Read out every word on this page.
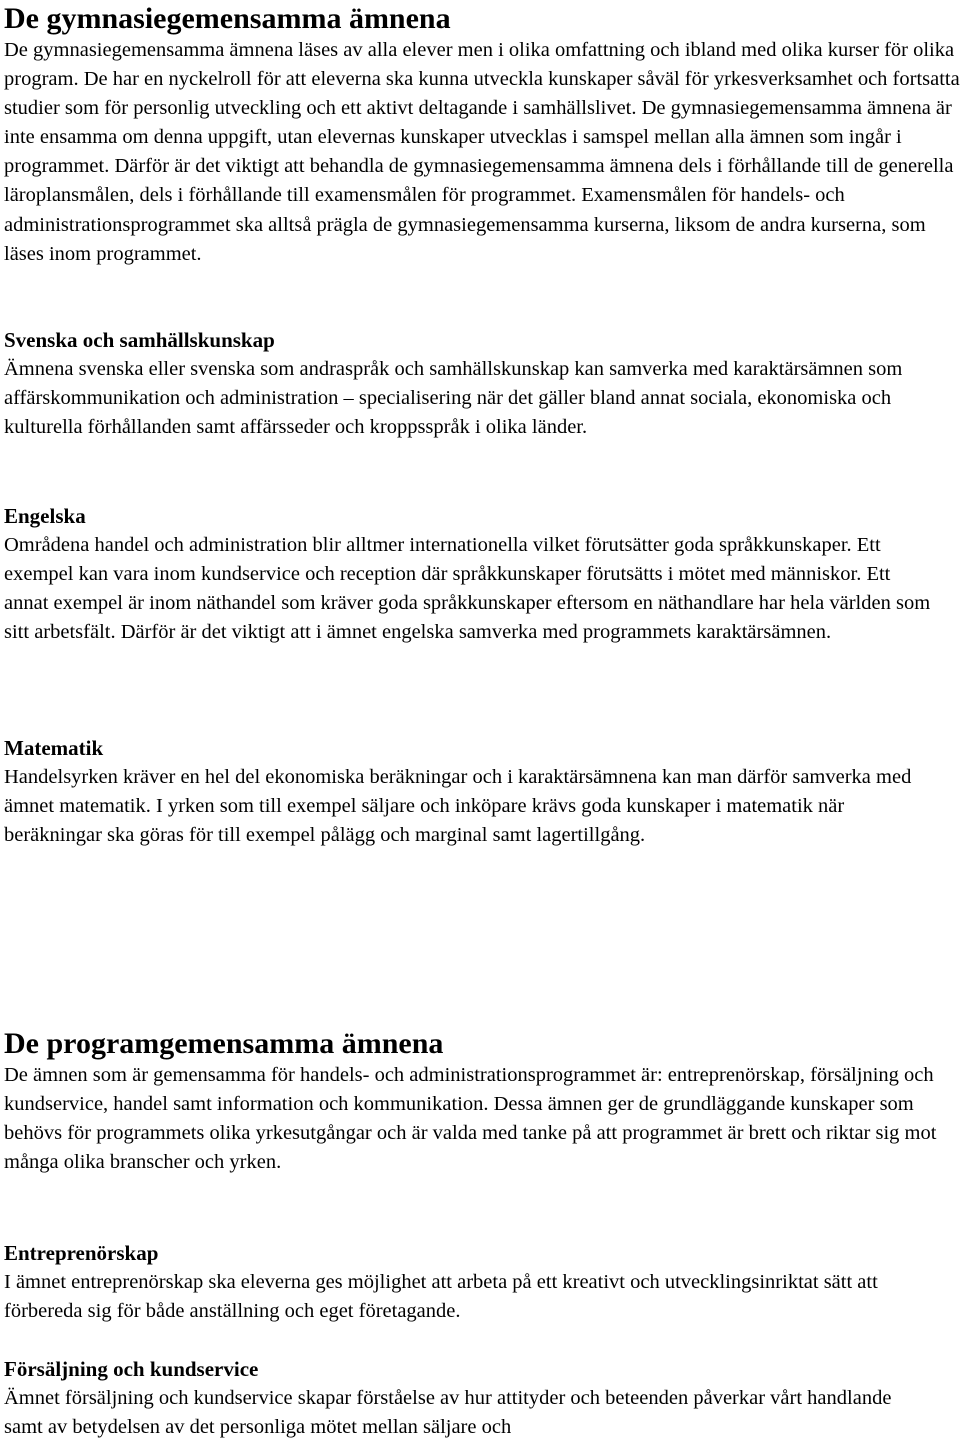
De gymnasiegemensamma ämnena

De gymnasiegemensamma ämnena läses av alla elever men i olika omfattning och ibland med olika kurser för olika program. De har en nyckelroll för att eleverna ska kunna utveckla kunskaper såväl för yrkesverksamhet och fortsatta studier som för personlig utveckling och ett aktivt deltagande i samhällslivet. De gymnasiegemensamma ämnena är inte ensamma om denna uppgift, utan elevernas kunskaper utvecklas i samspel mellan alla ämnen som ingår i programmet. Därför är det viktigt att behandla de gymnasiegemensamma ämnena dels i förhållande till de generella läroplansmålen, dels i förhållande till examensmålen för programmet. Examensmålen för handels- och administrationsprogrammet ska alltså prägla de gymnasiegemensamma kurserna, liksom de andra kurserna, som läses inom programmet.

Svenska och samhällskunskap

Ämnena svenska eller svenska som andraspråk och samhällskunskap kan samverka med karaktärsämnen som affärskommunikation och administration – specialisering när det gäller bland annat sociala, ekonomiska och kulturella förhållanden samt affärsseder och kroppsspråk i olika länder.

Engelska

Områdena handel och administration blir alltmer internationella vilket förutsätter goda språkkunskaper. Ett exempel kan vara inom kundservice och reception där språkkunskaper förutsätts i mötet med människor. Ett annat exempel är inom näthandel som kräver goda språkkunskaper eftersom en näthandlare har hela världen som sitt arbetsfält. Därför är det viktigt att i ämnet engelska samverka med programmets karaktärsämnen.

Matematik

Handelsyrken kräver en hel del ekonomiska beräkningar och i karaktärsämnena kan man därför samverka med ämnet matematik. I yrken som till exempel säljare och inköpare krävs goda kunskaper i matematik när beräkningar ska göras för till exempel pålägg och marginal samt lagertillgång.

De programgemensamma ämnena

De ämnen som är gemensamma för handels- och administrationsprogrammet är: entreprenörskap, försäljning och kundservice, handel samt information och kommunikation. Dessa ämnen ger de grundläggande kunskaper som behövs för programmets olika yrkesutgångar och är valda med tanke på att programmet är brett och riktar sig mot många olika branscher och yrken.

Entreprenörskap

I ämnet entreprenörskap ska eleverna ges möjlighet att arbeta på ett kreativt och utvecklingsinriktat sätt att förbereda sig för både anställning och eget företagande.

Försäljning och kundservice

Ämnet försäljning och kundservice skapar förståelse av hur attityder och beteenden påverkar vårt handlande samt av betydelsen av det personliga mötet mellan säljare och
